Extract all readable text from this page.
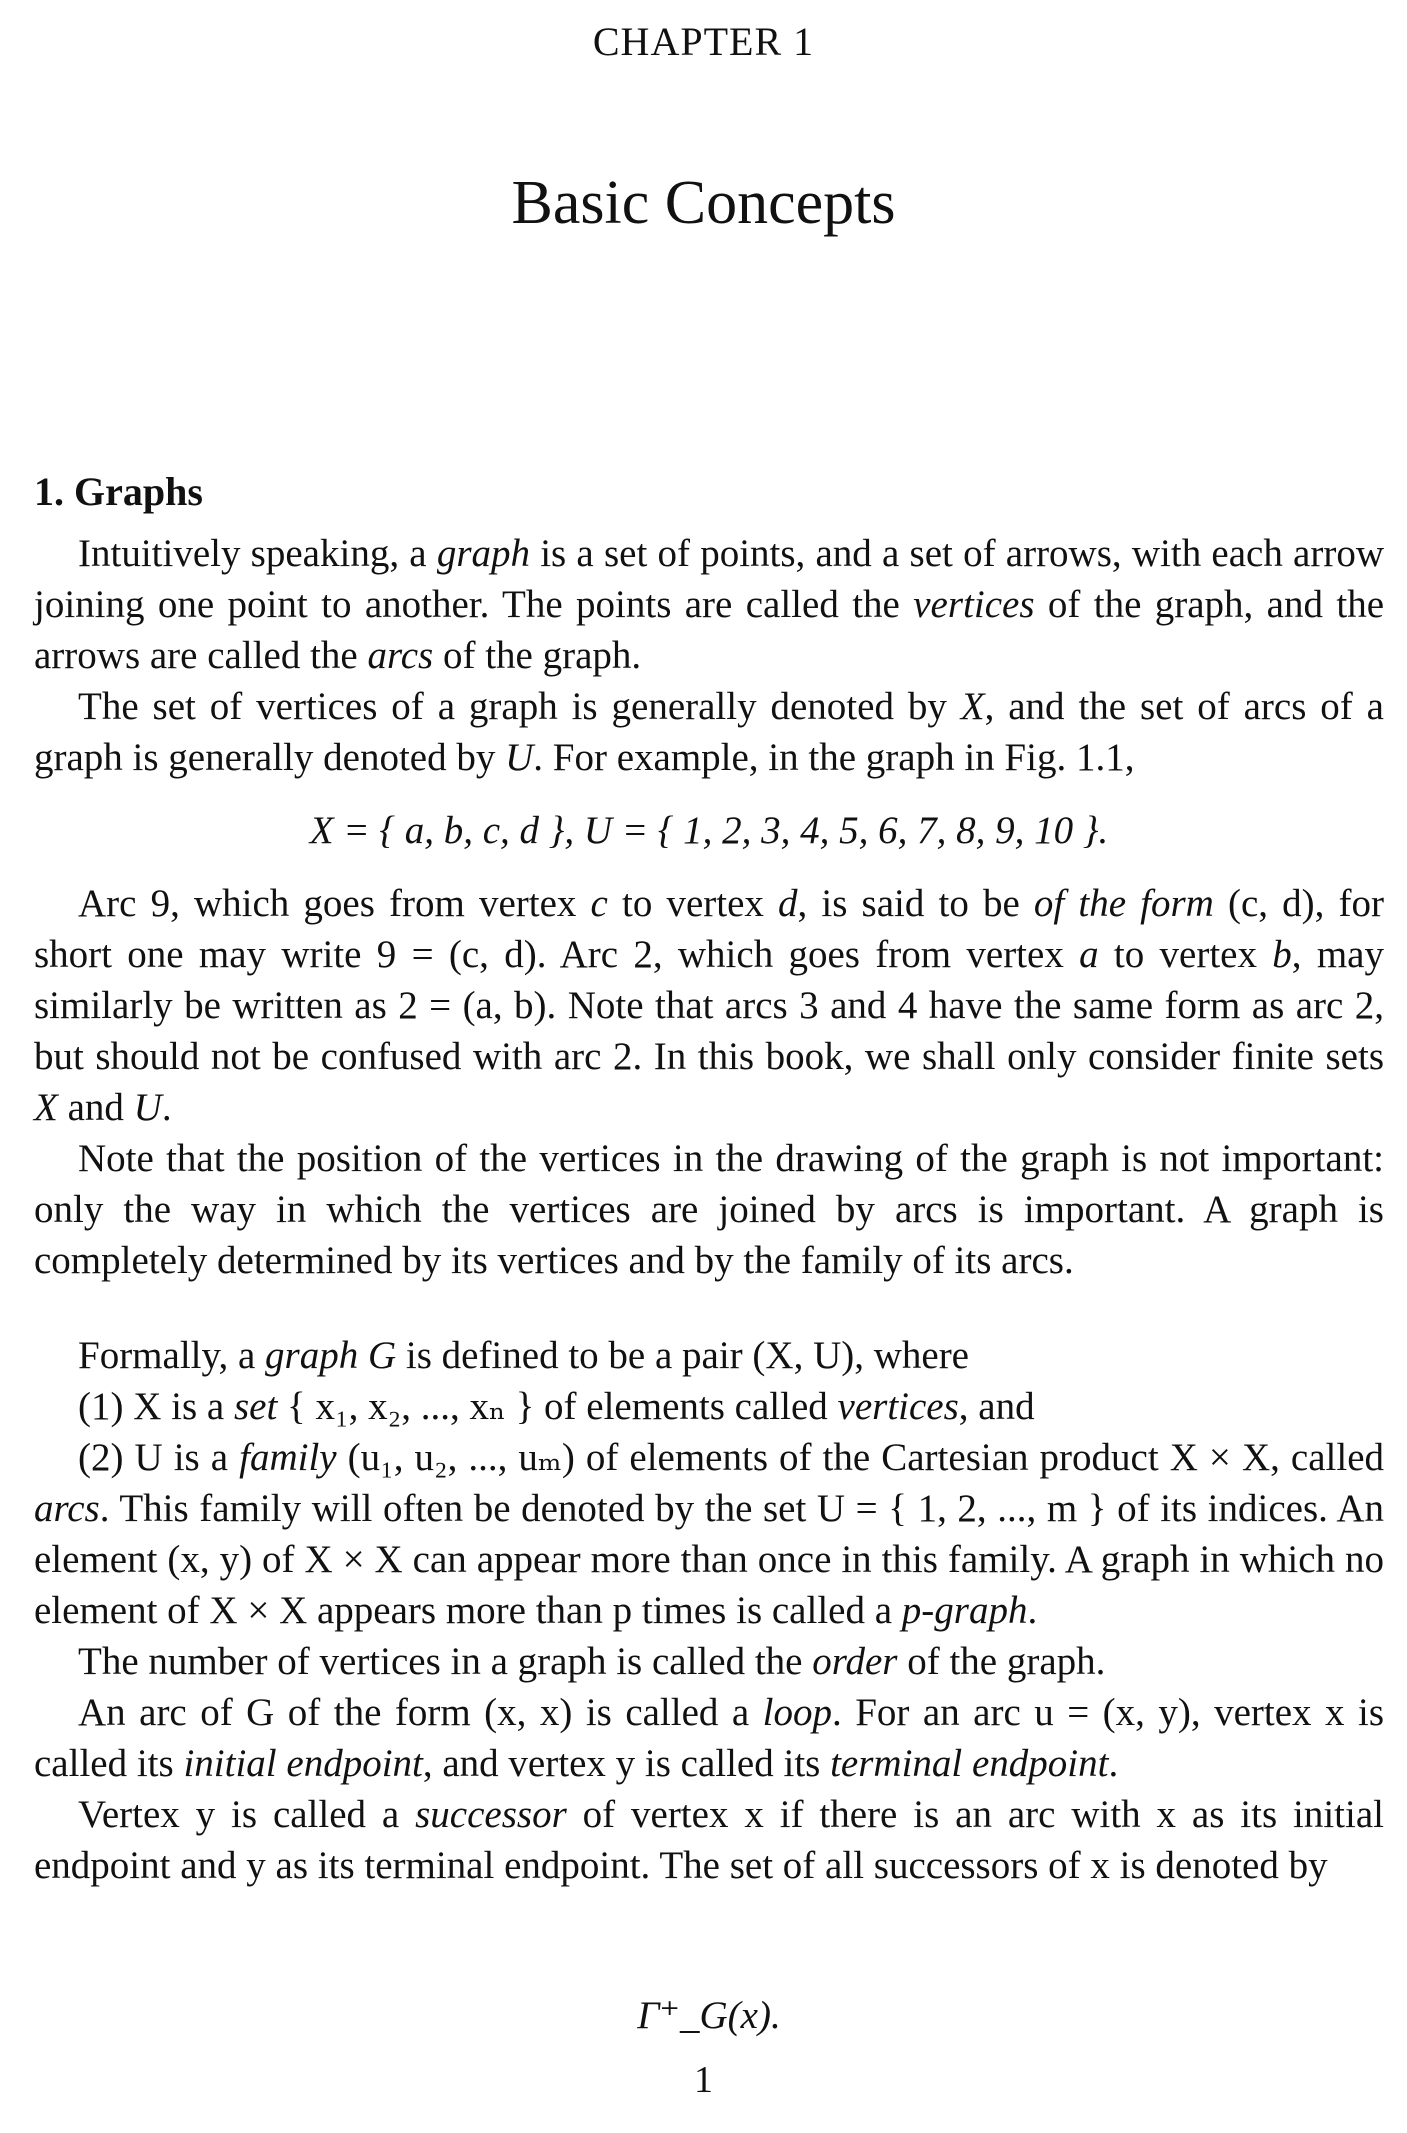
CHAPTER 1
Basic Concepts
1. Graphs

Intuitively speaking, a graph is a set of points, and a set of arrows, with each arrow joining one point to another. The points are called the vertices of the graph, and the arrows are called the arcs of the graph.

The set of vertices of a graph is generally denoted by X, and the set of arcs of a graph is generally denoted by U. For example, in the graph in Fig. 1.1,

X = { a, b, c, d }, U = { 1, 2, 3, 4, 5, 6, 7, 8, 9, 10 }.

Arc 9, which goes from vertex c to vertex d, is said to be of the form (c, d), for short one may write 9 = (c, d). Arc 2, which goes from vertex a to vertex b, may similarly be written as 2 = (a, b). Note that arcs 3 and 4 have the same form as arc 2, but should not be confused with arc 2. In this book, we shall only consider finite sets X and U.

Note that the position of the vertices in the drawing of the graph is not important: only the way in which the vertices are joined by arcs is important. A graph is completely determined by its vertices and by the family of its arcs.

Formally, a graph G is defined to be a pair (X, U), where

(1) X is a set { x₁, x₂, ..., xₙ } of elements called vertices, and

(2) U is a family (u₁, u₂, ..., uₘ) of elements of the Cartesian product X × X, called arcs. This family will often be denoted by the set U = { 1, 2, ..., m } of its indices. An element (x, y) of X × X can appear more than once in this family. A graph in which no element of X × X appears more than p times is called a p-graph.

The number of vertices in a graph is called the order of the graph.

An arc of G of the form (x, x) is called a loop. For an arc u = (x, y), vertex x is called its initial endpoint, and vertex y is called its terminal endpoint.

Vertex y is called a successor of vertex x if there is an arc with x as its initial endpoint and y as its terminal endpoint. The set of all successors of x is denoted by

Γ⁺_G(x).
1
